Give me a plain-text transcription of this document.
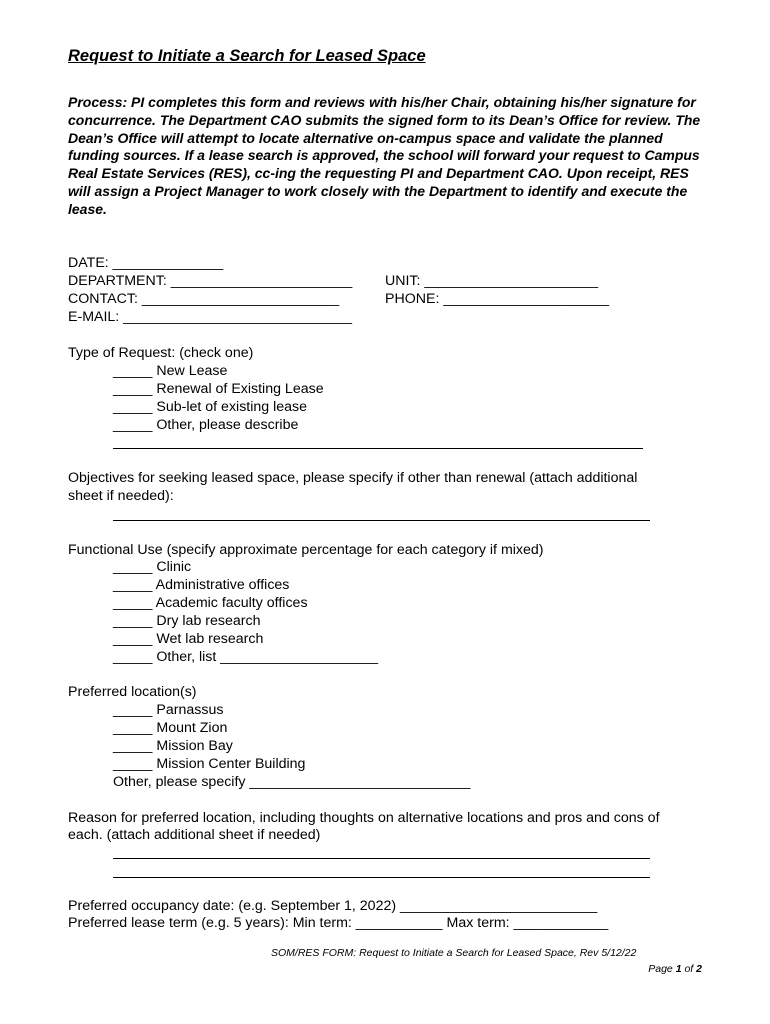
Request to Initiate a Search for Leased Space

Process: PI completes this form and reviews with his/her Chair, obtaining his/her signature for concurrence. The Department CAO submits the signed form to its Dean’s Office for review. The Dean’s Office will attempt to locate alternative on-campus space and validate the planned funding sources. If a lease search is approved, the school will forward your request to Campus Real Estate Services (RES), cc-ing the requesting PI and Department CAO. Upon receipt, RES will assign a Project Manager to work closely with the Department to identify and execute the lease.

DATE: ______________
DEPARTMENT: _______________________ UNIT: ______________________
CONTACT: _________________________	PHONE: _____________________
E-MAIL: _____________________________
Type of Request: (check one)
_____ New Lease
_____ Renewal of Existing Lease
_____ Sub-let of existing lease
_____ Other, please describe
Objectives for seeking leased space, please specify if other than renewal (attach additional
sheet if needed):
Functional Use (specify approximate percentage for each category if mixed)
_____ Clinic
_____ Administrative offices
_____ Academic faculty offices
_____ Dry lab research
_____ Wet lab research
_____ Other, list ____________________
Preferred location(s)
_____ Parnassus
_____ Mount Zion
_____ Mission Bay
_____ Mission Center Building
Other, please specify ____________________________
Reason for preferred location, including thoughts on alternative locations and pros and cons of
each. (attach additional sheet if needed)
Preferred occupancy date: (e.g. September 1, 2022) _________________________
Preferred lease term (e.g. 5 years): Min term: ___________ Max term: ____________
SOM/RES FORM: Request to Initiate a Search for Leased Space, Rev 5/12/22
Page 1 of 2
